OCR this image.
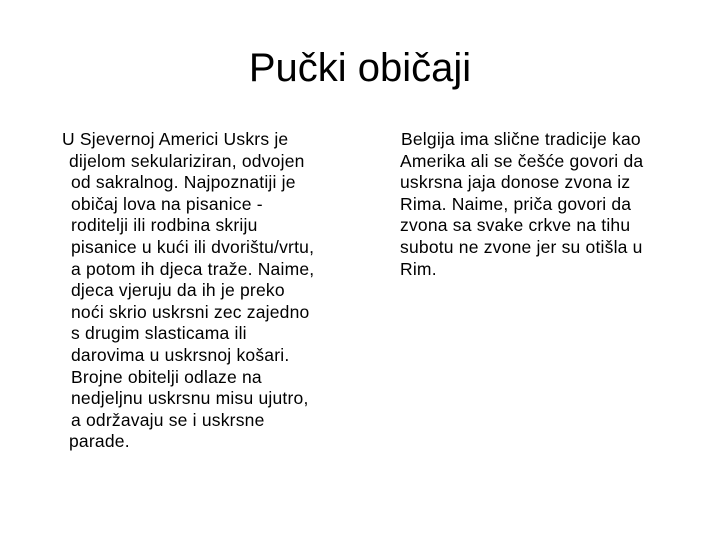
Pučki običaji
U Sjevernoj Americi Uskrs je
dijelom sekulariziran, odvojen
od sakralnog. Najpoznatiji je
običaj lova na pisanice -
roditelji ili rodbina skriju
pisanice u kući ili dvorištu/vrtu,
a potom ih djeca traže. Naime,
djeca vjeruju da ih je preko
noći skrio uskrsni zec zajedno
s drugim slasticama ili
darovima u uskrsnoj košari.
Brojne obitelji odlaze na
nedjeljnu uskrsnu misu ujutro,
a održavaju se i uskrsne
parade.
Belgija ima slične tradicije kao
Amerika ali se češće govori da
uskrsna jaja donose zvona iz
Rima. Naime, priča govori da
zvona sa svake crkve na tihu
subotu ne zvone jer su otišla u
Rim.
